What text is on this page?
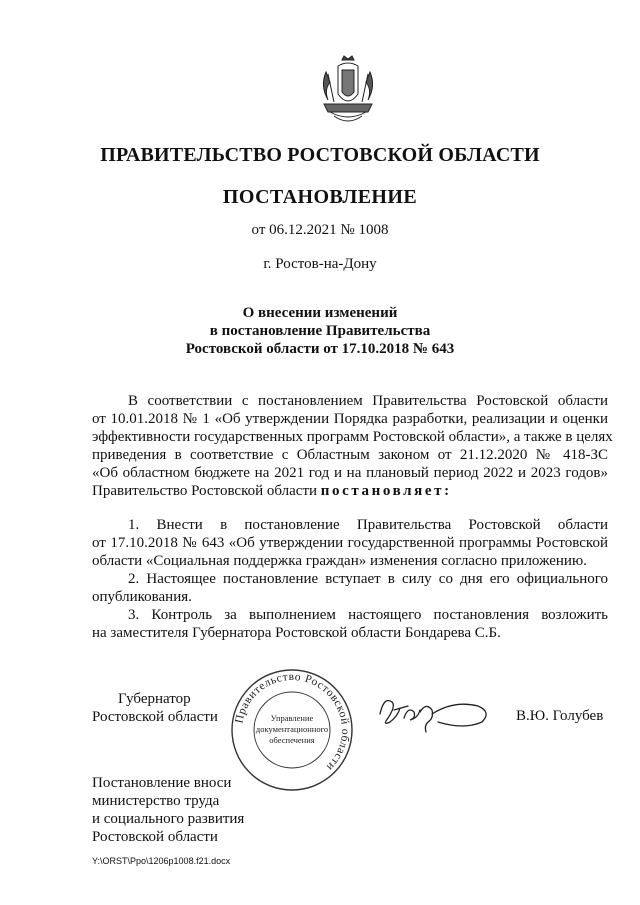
ПРАВИТЕЛЬСТВО РОСТОВСКОЙ ОБЛАСТИ
ПОСТАНОВЛЕНИЕ
от 06.12.2021 № 1008
г. Ростов-на-Дону
О внесении изменений
в постановление Правительства
Ростовской области от 17.10.2018 № 643
В соответствии с постановлением Правительства Ростовской области
от 10.01.2018 № 1 «Об утверждении Порядка разработки, реализации и оценки
эффективности государственных программ Ростовской области», а также в целях
приведения в соответствие с Областным законом от 21.12.2020 № 418-ЗС
«Об областном бюджете на 2021 год и на плановый период 2022 и 2023 годов»
Правительство Ростовской области постановляет:
1. Внести в постановление Правительства Ростовской области
от 17.10.2018 № 643 «Об утверждении государственной программы Ростовской
области «Социальная поддержка граждан» изменения согласно приложению.
2. Настоящее постановление вступает в силу со дня его официального
опубликования.
3. Контроль за выполнением настоящего постановления возложить
на заместителя Губернатора Ростовской области Бондарева С.Б.
Губернатор
Ростовской области Правительство Ростовской области
Управление
документационного
обеспечения
В.Ю. Голубев
Постановление вноси
министерство труда
и социального развития
Ростовской области
Y:\ORST\Ppo\1206p1008.f21.docx
